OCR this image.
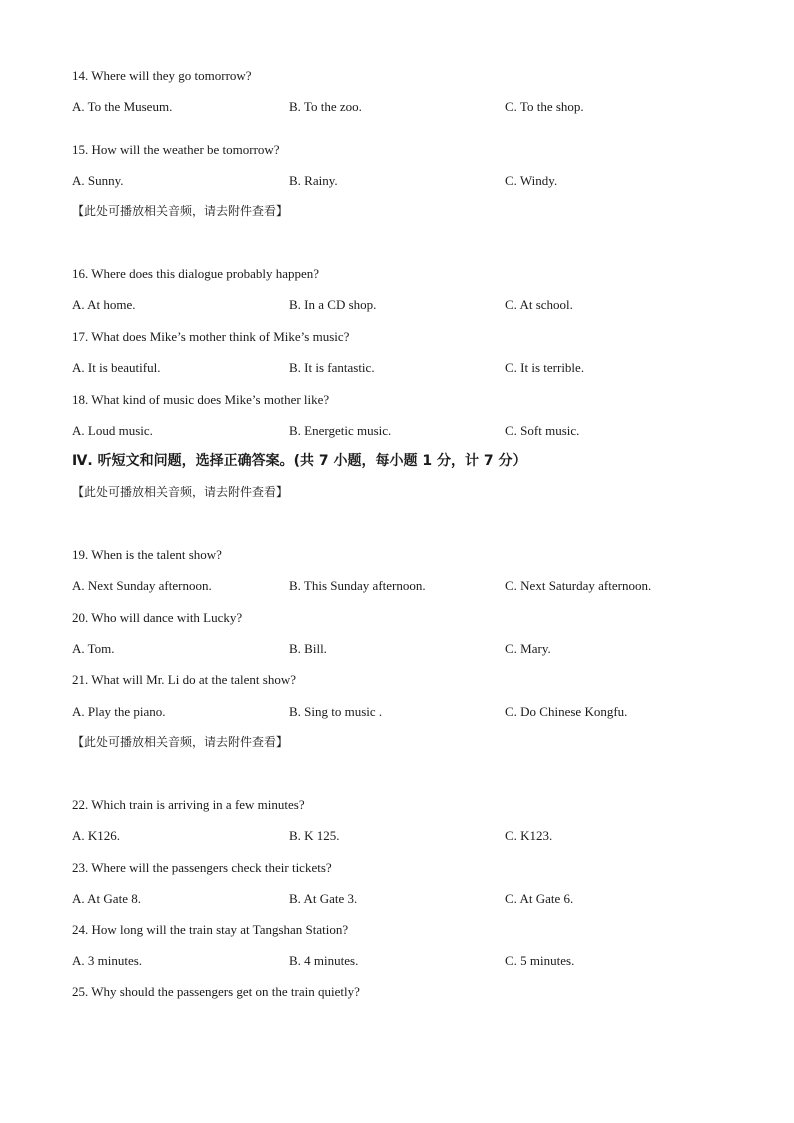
14. Where will they go tomorrow?
A. To the Museum.	B. To the zoo.	C. To the shop.
15. How will the weather be tomorrow?
A. Sunny.	B. Rainy.	C. Windy.
【此处可播放相关音频，请去附件查看】
16. Where does this dialogue probably happen?
A. At home.	B. In a CD shop.	C. At school.
17. What does Mike’s mother think of Mike’s music?
A. It is beautiful.	B. It is fantastic.	C. It is terrible.
18. What kind of music does Mike’s mother like?
A. Loud music.	B. Energetic music.	C. Soft music.
Ⅳ. 听短文和问题，选择正确答案。(共 7 小题，每小题 1 分，计 7 分）
【此处可播放相关音频，请去附件查看】
19. When is the talent show?
A. Next Sunday afternoon.	B. This Sunday afternoon.	C. Next Saturday afternoon.
20. Who will dance with Lucky?
A. Tom.	B. Bill.	C. Mary.
21. What will Mr. Li do at the talent show?
A. Play the piano.	B. Sing to music .	C. Do Chinese Kongfu.
【此处可播放相关音频，请去附件查看】
22. Which train is arriving in a few minutes?
A. K126.	B. K 125.	C. K123.
23. Where will the passengers check their tickets?
A. At Gate 8.	B. At Gate 3.	C. At Gate 6.
24. How long will the train stay at Tangshan Station?
A. 3 minutes.	B. 4 minutes.	C. 5 minutes.
25. Why should the passengers get on the train quietly?
